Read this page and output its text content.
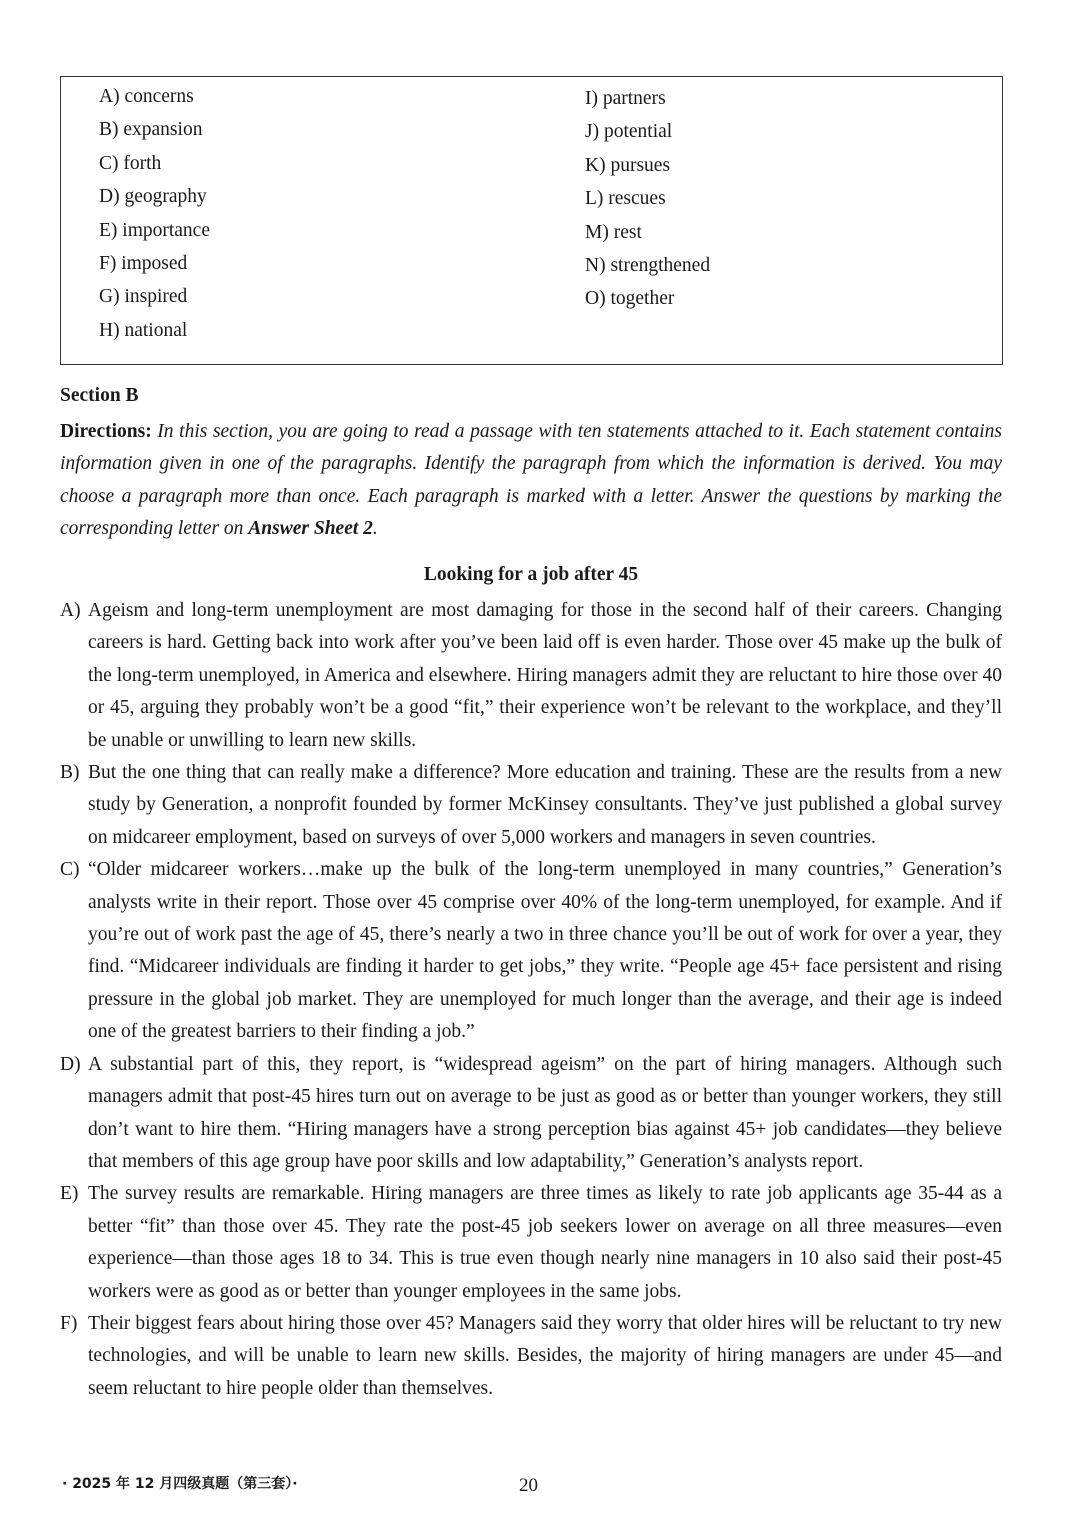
A) concerns
B) expansion
C) forth
D) geography
E) importance
F) imposed
G) inspired
H) national
I) partners
J) potential
K) pursues
L) rescues
M) rest
N) strengthened
O) together
Section B
Directions: In this section, you are going to read a passage with ten statements attached to it. Each statement contains information given in one of the paragraphs. Identify the paragraph from which the information is derived. You may choose a paragraph more than once. Each paragraph is marked with a letter. Answer the questions by marking the corresponding letter on Answer Sheet 2.
Looking for a job after 45
A) Ageism and long-term unemployment are most damaging for those in the second half of their careers. Changing careers is hard. Getting back into work after you’ve been laid off is even harder. Those over 45 make up the bulk of the long-term unemployed, in America and elsewhere. Hiring managers admit they are reluctant to hire those over 40 or 45, arguing they probably won’t be a good “fit,” their experience won’t be relevant to the workplace, and they’ll be unable or unwilling to learn new skills.
B) But the one thing that can really make a difference? More education and training. These are the results from a new study by Generation, a nonprofit founded by former McKinsey consultants. They’ve just published a global survey on midcareer employment, based on surveys of over 5,000 workers and managers in seven countries.
C) “Older midcareer workers…make up the bulk of the long-term unemployed in many countries,” Generation’s analysts write in their report. Those over 45 comprise over 40% of the long-term unemployed, for example. And if you’re out of work past the age of 45, there’s nearly a two in three chance you’ll be out of work for over a year, they find. “Midcareer individuals are finding it harder to get jobs,” they write. “People age 45+ face persistent and rising pressure in the global job market. They are unemployed for much longer than the average, and their age is indeed one of the greatest barriers to their finding a job.”
D) A substantial part of this, they report, is “widespread ageism” on the part of hiring managers. Although such managers admit that post-45 hires turn out on average to be just as good as or better than younger workers, they still don’t want to hire them. “Hiring managers have a strong perception bias against 45+ job candidates—they believe that members of this age group have poor skills and low adaptability,” Generation’s analysts report.
E) The survey results are remarkable. Hiring managers are three times as likely to rate job applicants age 35-44 as a better “fit” than those over 45. They rate the post-45 job seekers lower on average on all three measures—even experience—than those ages 18 to 34. This is true even though nearly nine managers in 10 also said their post-45 workers were as good as or better than younger employees in the same jobs.
F) Their biggest fears about hiring those over 45? Managers said they worry that older hires will be reluctant to try new technologies, and will be unable to learn new skills. Besides, the majority of hiring managers are under 45—and seem reluctant to hire people older than themselves.
· 2025 年 12 月四级真题（第三套）·	20
